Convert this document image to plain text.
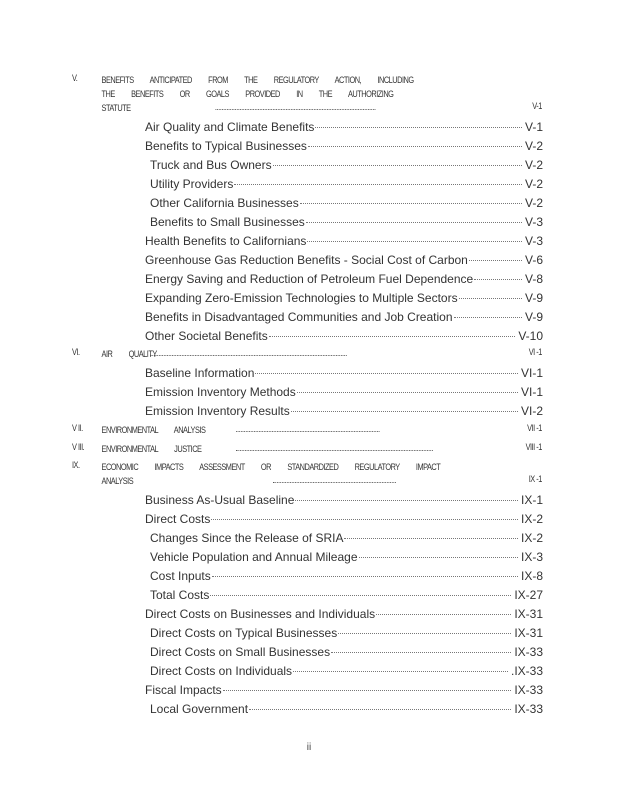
V.	BENEFITS ANTICIPATED FROM THE REGULATORY ACTION, INCLUDING THE BENEFITS OR GOALS PROVIDED IN THE AUTHORIZING STATUTE	V-1
Air Quality and Climate Benefits	V-1
Benefits to Typical Businesses	V-2
Truck and Bus Owners	V-2
Utility Providers	V-2
Other California Businesses	V-2
Benefits to Small Businesses	V-3
Health Benefits to Californians	V-3
Greenhouse Gas Reduction Benefits - Social Cost of Carbon	V-6
Energy Saving and Reduction of Petroleum Fuel Dependence	V-8
Expanding Zero-Emission Technologies to Multiple Sectors	V-9
Benefits in Disadvantaged Communities and Job Creation	V-9
Other Societal Benefits	V-10
VI. AIR QUALITY	VI -1
Baseline Information	VI-1
Emission Inventory Methods	VI-1
Emission Inventory Results	VI-2
V II. ENVIRONMENTAL ANALYSIS	VII -1
V III. ENVIRONMENTAL JUSTICE	VIII -1
IX. ECONOMIC IMPACTS ASSESSMENT OR STANDARDIZED REGULATORY IMPACT ANALYSIS	IX -1
Business As-Usual Baseline	IX-1
Direct Costs	IX-2
Changes Since the Release of SRIA	IX-2
Vehicle Population and Annual Mileage	IX-3
Cost Inputs	IX-8
Total Costs	IX-27
Direct Costs on Businesses and Individuals	IX-31
Direct Costs on Typical Businesses	IX-31
Direct Costs on Small Businesses	IX-33
Direct Costs on Individuals	.IX-33
Fiscal Impacts	IX-33
Local Government	IX-33
ii
